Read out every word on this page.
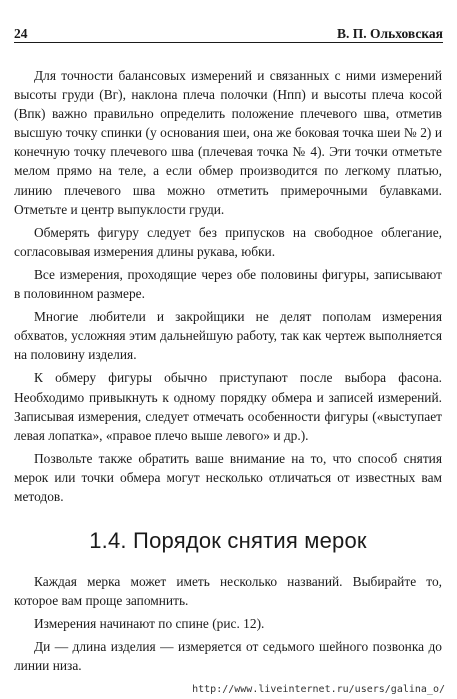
24	В. П. Ольховская

Для точности балансовых измерений и связанных с ними измерений высоты груди (Вг), наклона плеча полочки (Нпп) и высоты плеча косой (Впк) важно правильно определить положение плечевого шва, отметив высшую точку спинки (у основания шеи, она же боковая точка шеи № 2) и конечную точку плечевого шва (плечевая точка № 4). Эти точки отметьте мелом прямо на теле, а если обмер производится по легкому платью, линию плечевого шва можно отметить примерочными булавками. Отметьте и центр выпуклости груди.

Обмерять фигуру следует без припусков на свободное облегание, согласовывая измерения длины рукава, юбки.

Все измерения, проходящие через обе половины фигуры, записывают в половинном размере.

Многие любители и закройщики не делят пополам измерения обхватов, усложняя этим дальнейшую работу, так как чертеж выполняется на половину изделия.

К обмеру фигуры обычно приступают после выбора фасона. Необходимо привыкнуть к одному порядку обмера и записей измерений. Записывая измерения, следует отмечать особенности фигуры («выступает левая лопатка», «правое плечо выше левого» и др.).

Позвольте также обратить ваше внимание на то, что способ снятия мерок или точки обмера могут несколько отличаться от известных вам методов.

1.4. Порядок снятия мерок

Каждая мерка может иметь несколько названий. Выбирайте то, которое вам проще запомнить.

Измерения начинают по спине (рис. 12).

Ди — длина изделия — измеряется от седьмого шейного позвонка до линии низа.

http://www.liveinternet.ru/users/galina_o/
